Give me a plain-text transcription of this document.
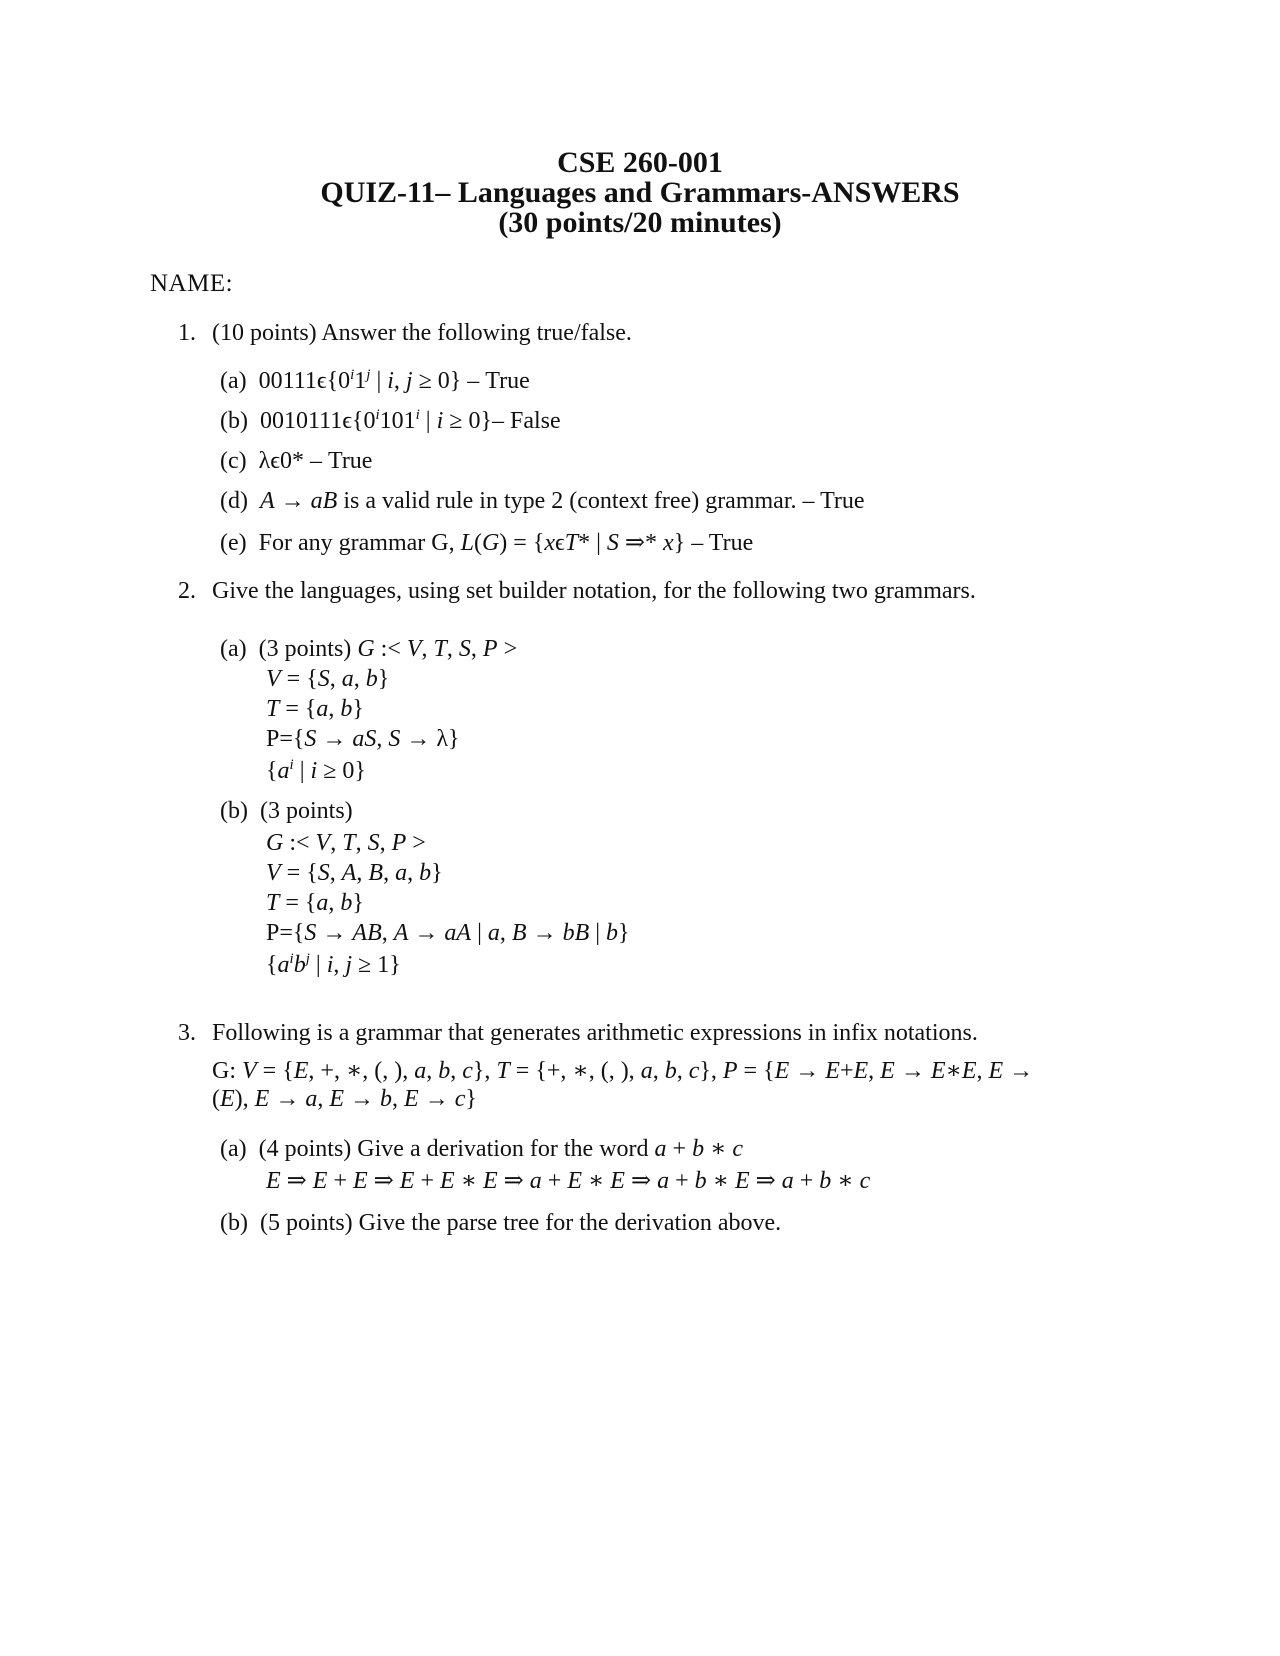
CSE 260-001
QUIZ-11– Languages and Grammars-ANSWERS
(30 points/20 minutes)
NAME:
1. (10 points) Answer the following true/false.
(a) 00111ϵ{0$^i$1$^j$ | i, j ≥ 0} – True
(b) 0010111ϵ{0$^i$101$^i$ | i ≥ 0}– False
(c) λϵ0* – True
(d) A → aB is a valid rule in type 2 (context free) grammar. – True
(e) For any grammar G, L(G) = {xϵT* | S ⇒* x} – True
2. Give the languages, using set builder notation, for the following two grammars.
(a) (3 points) G :< V, T, S, P >
V = {S, a, b}
T = {a, b}
P={S → aS, S → λ}
{$a^i$ | i ≥ 0}
(b) (3 points)
G :< V, T, S, P >
V = {S, A, B, a, b}
T = {a, b}
P={S → AB, A → aA | a, B → bB | b}
{$a^ib^j$ | i, j ≥ 1}
3. Following is a grammar that generates arithmetic expressions in infix notations.
G: V = {E, +, ∗, (, ), a, b, c}, T = {+, ∗, (, ), a, b, c}, P = {E → E+E, E → E∗E, E →
(E), E → a, E → b, E → c}
(a) (4 points) Give a derivation for the word a + b ∗ c
E ⇒ E + E ⇒ E + E ∗ E ⇒ a + E ∗ E ⇒ a + b ∗ E ⇒ a + b ∗ c
(b) (5 points) Give the parse tree for the derivation above.
